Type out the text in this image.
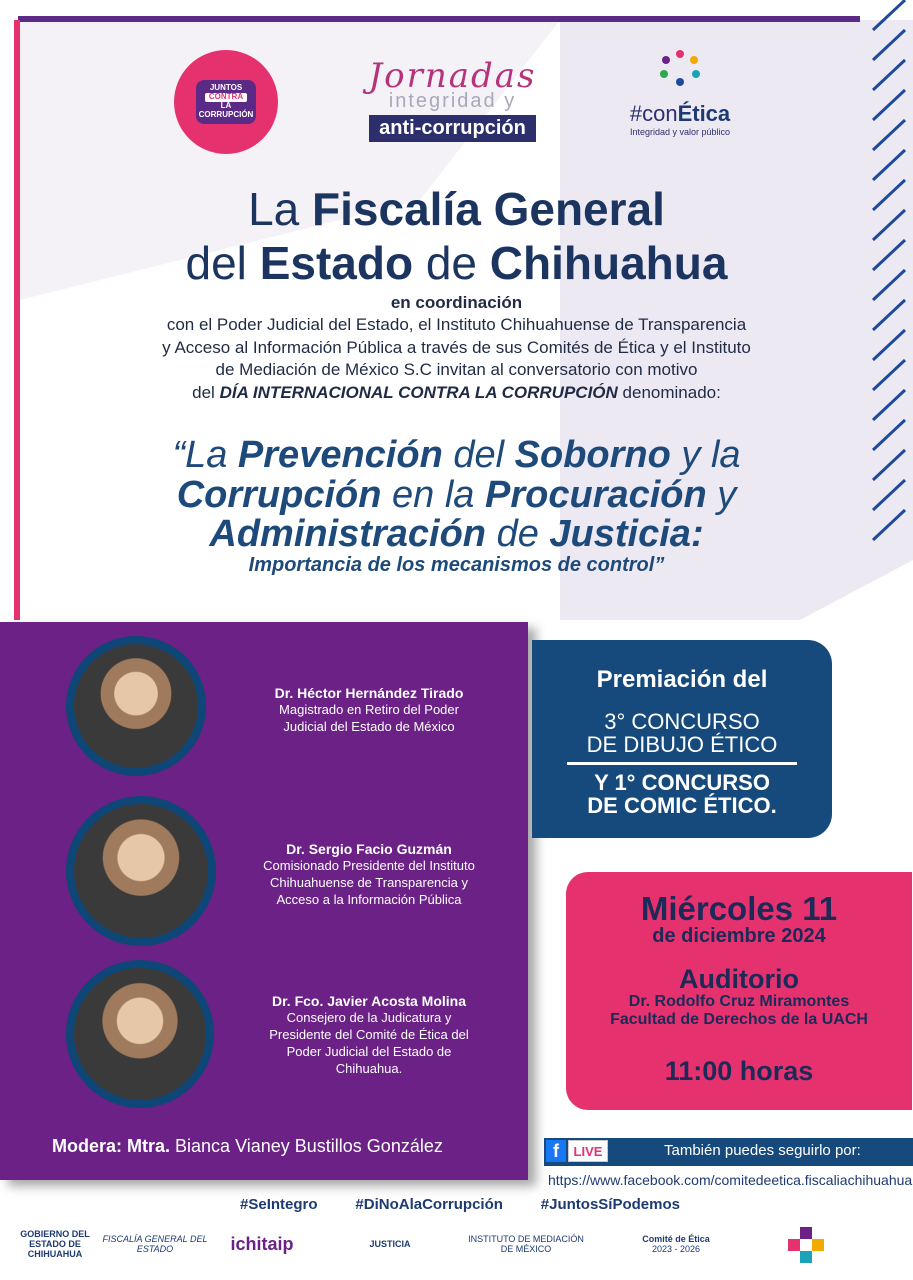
JUNTOS
CONTRA
LA CORRUPCIÓN
Jornadas
integridad y
anti-corrupción
#conÉtica
Integridad y valor público
La Fiscalía General
del Estado de Chihuahua
en coordinación
con el Poder Judicial del Estado, el Instituto Chihuahuense de Transparencia
y Acceso al Información Pública a través de sus Comités de Ética y el Instituto
de Mediación de México S.C invitan al conversatorio con motivo
del DÍA INTERNACIONAL CONTRA LA CORRUPCIÓN denominado:
“La Prevención del Soborno y la
Corrupción en la Procuración y
Administración de Justicia:
Importancia de los mecanismos de control”
Dr. Héctor Hernández Tirado
Magistrado en Retiro del Poder
Judicial del Estado de México
Dr. Sergio Facio Guzmán
Comisionado Presidente del Instituto
Chihuahuense de Transparencia y
Acceso a la Información Pública
Dr. Fco. Javier Acosta Molina
Consejero de la Judicatura y
Presidente del Comité de Ética del
Poder Judicial del Estado de
Chihuahua.
Modera: Mtra. Bianca Vianey Bustillos González
Premiación del
3° CONCURSO
DE DIBUJO ÉTICO
Y 1° CONCURSO
DE COMIC ÉTICO.
Miércoles 11
de diciembre 2024
Auditorio
Dr. Rodolfo Cruz Miramontes
Facultad de Derechos de la UACH
11:00 horas
f	LIVE	También puedes seguirlo por:
https://www.facebook.com/comitedeetica.fiscaliachihuahua
#SeIntegro	#DiNoAlaCorrupción	#JuntosSíPodemos
GOBIERNO DEL ESTADO DE CHIHUAHUA
FISCALÍA GENERAL DEL ESTADO	ichitaip	JUSTICIA	INSTITUTO DE MEDIACIÓN DE MÉXICO
Comité de Ética
2023 - 2026
